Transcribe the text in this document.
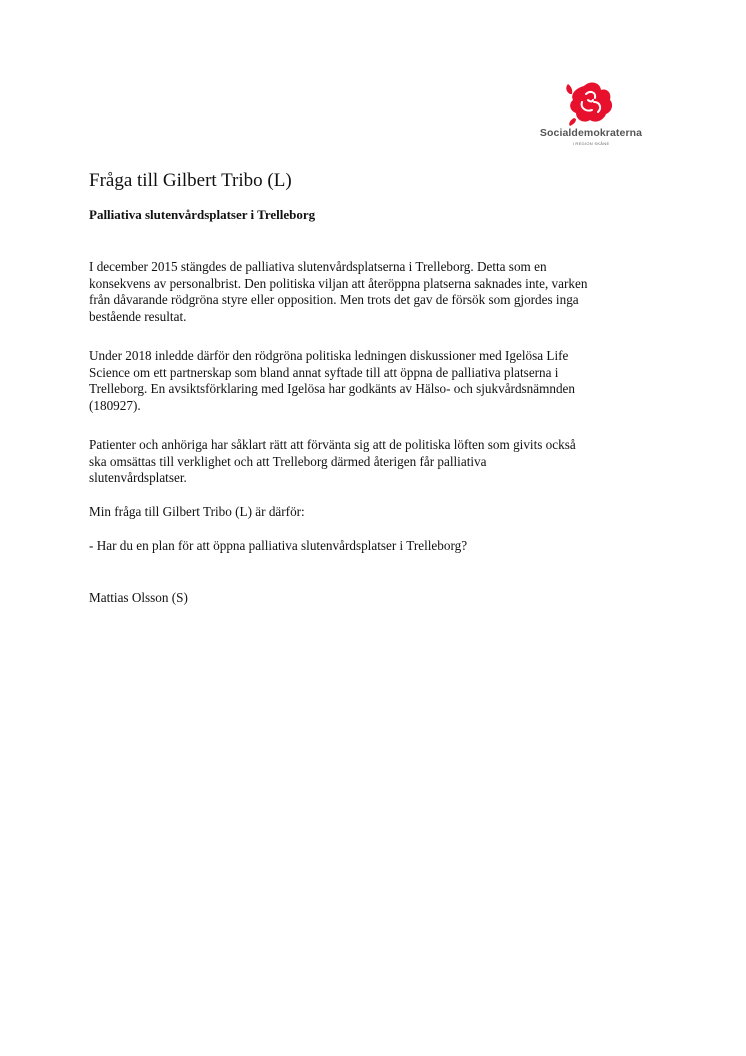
Socialdemokraterna
I REGION SKÅNE
Fråga till Gilbert Tribo (L)
Palliativa slutenvårdsplatser i Trelleborg

I december 2015 stängdes de palliativa slutenvårdsplatserna i Trelleborg. Detta som en
konsekvens av personalbrist. Den politiska viljan att återöppna platserna saknades inte, varken
från dåvarande rödgröna styre eller opposition. Men trots det gav de försök som gjordes inga
bestående resultat.

Under 2018 inledde därför den rödgröna politiska ledningen diskussioner med Igelösa Life
Science om ett partnerskap som bland annat syftade till att öppna de palliativa platserna i
Trelleborg. En avsiktsförklaring med Igelösa har godkänts av Hälso- och sjukvårdsnämnden
(180927).

Patienter och anhöriga har såklart rätt att förvänta sig att de politiska löften som givits också
ska omsättas till verklighet och att Trelleborg därmed återigen får palliativa
slutenvårdsplatser.

Min fråga till Gilbert Tribo (L) är därför:

- Har du en plan för att öppna palliativa slutenvårdsplatser i Trelleborg?

Mattias Olsson (S)
